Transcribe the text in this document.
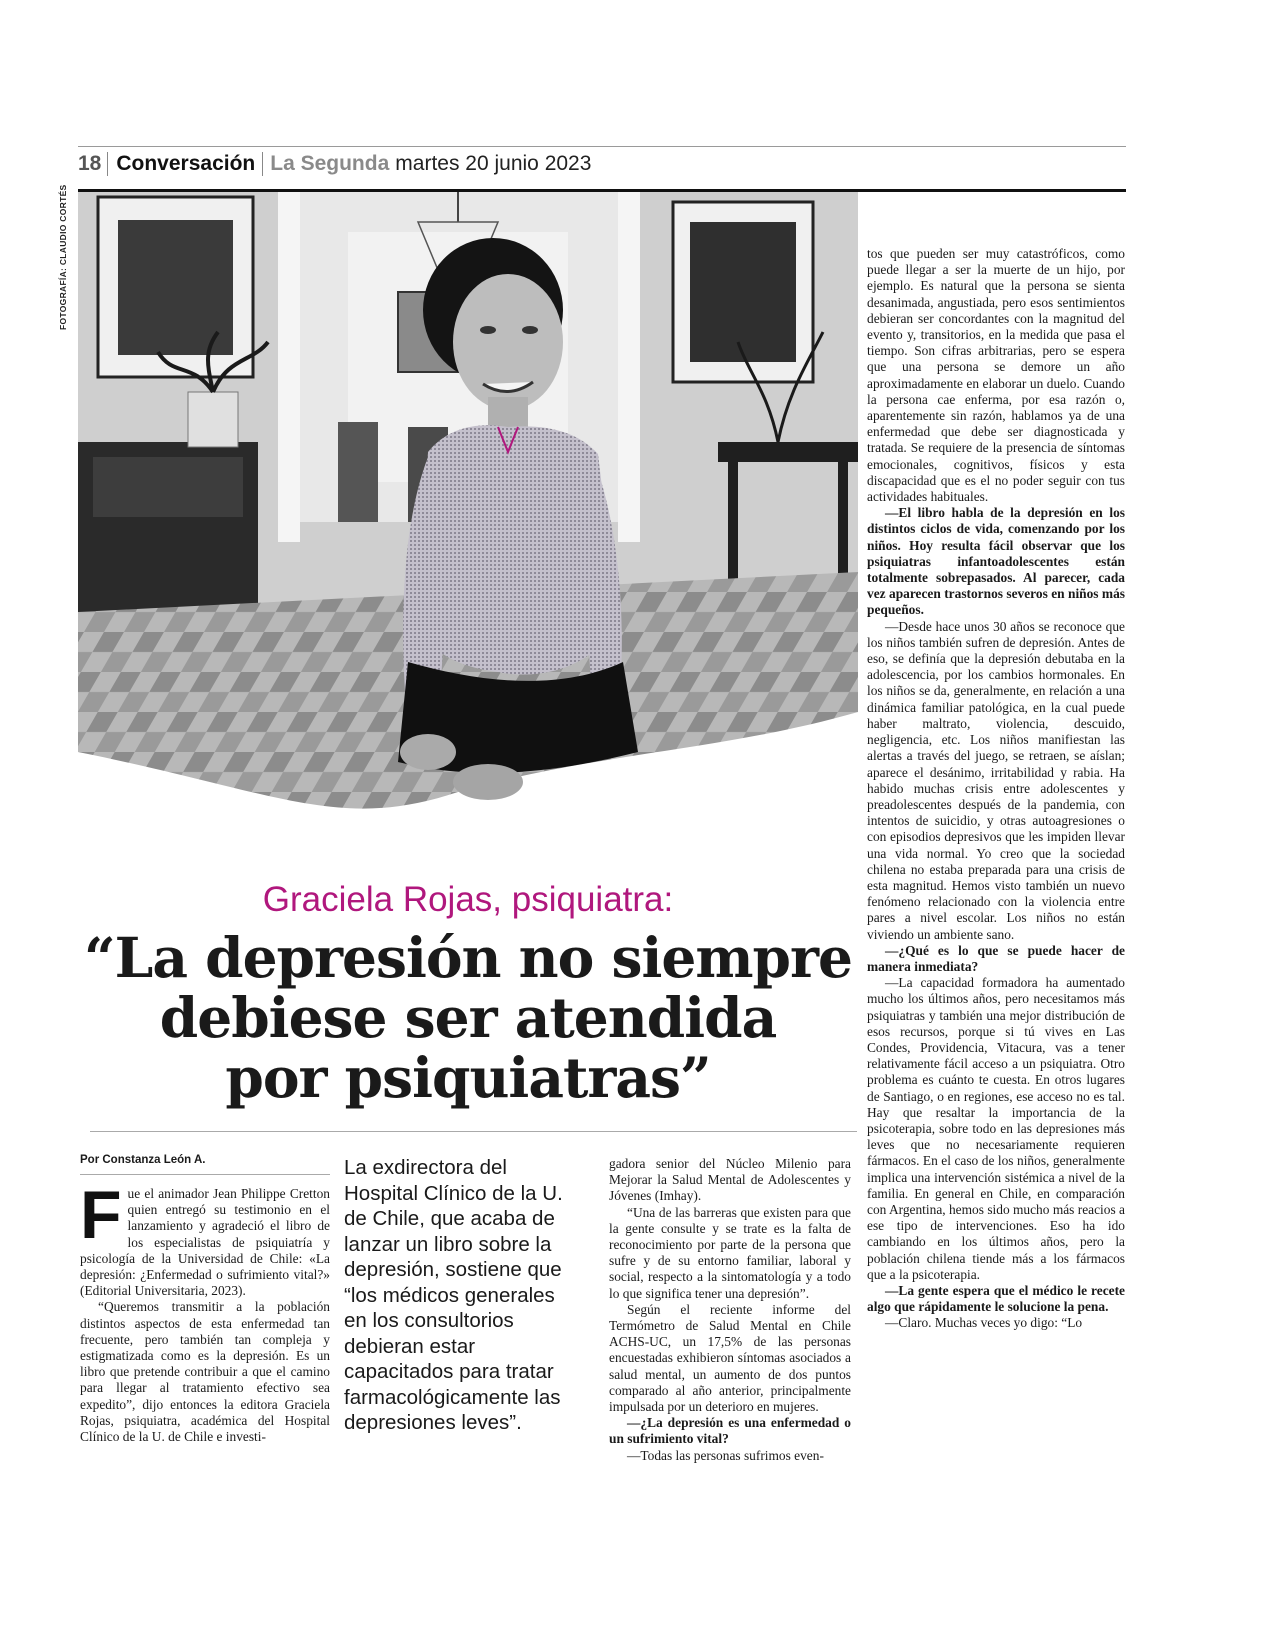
18 Conversación La Segunda martes 20 junio 2023
FOTOGRAFÍA: CLAUDIO CORTÉS
Graciela Rojas, psiquiatra:
“La depresión no siempre
debiese ser atendida
por psiquiatras”
Por Constanza León A.

Fue el animador Jean Philippe Cretton quien entregó su testimonio en el lanzamiento y agradeció el libro de los especialistas de psiquiatría y psicología de la Universidad de Chile: «La depresión: ¿Enfermedad o sufrimiento vital?» (Editorial Universitaria, 2023).

“Queremos transmitir a la población distintos aspectos de esta enfermedad tan frecuente, pero también tan compleja y estigmatizada como es la depresión. Es un libro que pretende contribuir a que el camino para llegar al tratamiento efectivo sea expedito”, dijo entonces la editora Graciela Rojas, psiquiatra, académica del Hospital Clínico de la U. de Chile e investi-

La exdirectora del Hospital Clínico de la U. de Chile, que acaba de lanzar un libro sobre la depresión, sostiene que “los médicos generales en los consultorios debieran estar capacitados para tratar farmacológicamente las depresiones leves”.

gadora senior del Núcleo Milenio para Mejorar la Salud Mental de Adolescentes y Jóvenes (Imhay).

“Una de las barreras que existen para que la gente consulte y se trate es la falta de reconocimiento por parte de la persona que sufre y de su entorno familiar, laboral y social, respecto a la sintomatología y a todo lo que significa tener una depresión”.

Según el reciente informe del Termómetro de Salud Mental en Chile ACHS-UC, un 17,5% de las personas encuestadas exhibieron síntomas asociados a salud mental, un aumento de dos puntos comparado al año anterior, principalmente impulsada por un deterioro en mujeres.

—¿La depresión es una enfermedad o un sufrimiento vital?

—Todas las personas sufrimos even-

tos que pueden ser muy catastróficos, como puede llegar a ser la muerte de un hijo, por ejemplo. Es natural que la persona se sienta desanimada, angustiada, pero esos sentimientos debieran ser concordantes con la magnitud del evento y, transitorios, en la medida que pasa el tiempo. Son cifras arbitrarias, pero se espera que una persona se demore un año aproximadamente en elaborar un duelo. Cuando la persona cae enferma, por esa razón o, aparentemente sin razón, hablamos ya de una enfermedad que debe ser diagnosticada y tratada. Se requiere de la presencia de síntomas emocionales, cognitivos, físicos y esta discapacidad que es el no poder seguir con tus actividades habituales.

—El libro habla de la depresión en los distintos ciclos de vida, comenzando por los niños. Hoy resulta fácil observar que los psiquiatras infantoadolescentes están totalmente sobrepasados. Al parecer, cada vez aparecen trastornos severos en niños más pequeños.

—Desde hace unos 30 años se reconoce que los niños también sufren de depresión. Antes de eso, se definía que la depresión debutaba en la adolescencia, por los cambios hormonales. En los niños se da, generalmente, en relación a una dinámica familiar patológica, en la cual puede haber maltrato, violencia, descuido, negligencia, etc. Los niños manifiestan las alertas a través del juego, se retraen, se aíslan; aparece el desánimo, irritabilidad y rabia. Ha habido muchas crisis entre adolescentes y preadolescentes después de la pandemia, con intentos de suicidio, y otras autoagresiones o con episodios depresivos que les impiden llevar una vida normal. Yo creo que la sociedad chilena no estaba preparada para una crisis de esta magnitud. Hemos visto también un nuevo fenómeno relacionado con la violencia entre pares a nivel escolar. Los niños no están viviendo un ambiente sano.

—¿Qué es lo que se puede hacer de manera inmediata?

—La capacidad formadora ha aumentado mucho los últimos años, pero necesitamos más psiquiatras y también una mejor distribución de esos recursos, porque si tú vives en Las Condes, Providencia, Vitacura, vas a tener relativamente fácil acceso a un psiquiatra. Otro problema es cuánto te cuesta. En otros lugares de Santiago, o en regiones, ese acceso no es tal. Hay que resaltar la importancia de la psicoterapia, sobre todo en las depresiones más leves que no necesariamente requieren fármacos. En el caso de los niños, generalmente implica una intervención sistémica a nivel de la familia. En general en Chile, en comparación con Argentina, hemos sido mucho más reacios a ese tipo de intervenciones. Eso ha ido cambiando en los últimos años, pero la población chilena tiende más a los fármacos que a la psicoterapia.

—La gente espera que el médico le recete algo que rápidamente le solucione la pena.

—Claro. Muchas veces yo digo: “Lo
